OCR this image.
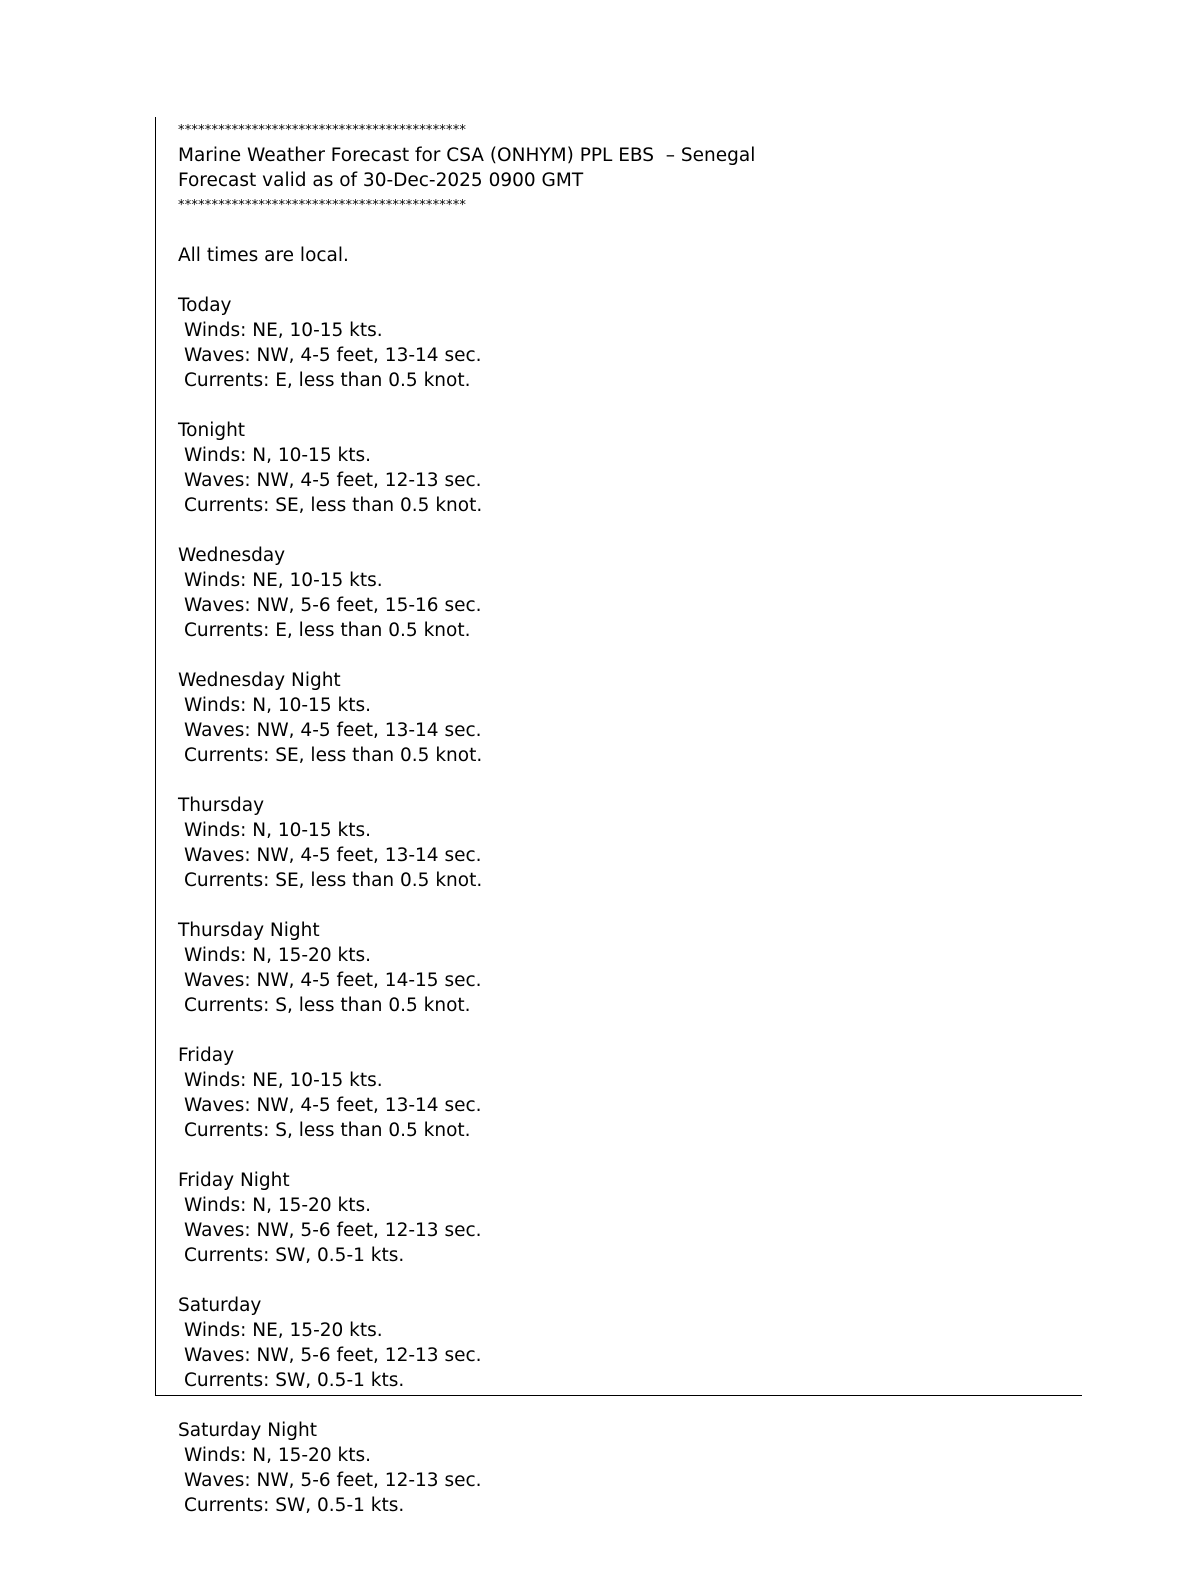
*******************************************
Marine Weather Forecast for CSA (ONHYM) PPL EBS  – Senegal
Forecast valid as of 30-Dec-2025 0900 GMT
*******************************************
All times are local.
Today
Winds: NE, 10-15 kts.
Waves: NW, 4-5 feet, 13-14 sec.
Currents: E, less than 0.5 knot.
Tonight
Winds: N, 10-15 kts.
Waves: NW, 4-5 feet, 12-13 sec.
Currents: SE, less than 0.5 knot.
Wednesday
Winds: NE, 10-15 kts.
Waves: NW, 5-6 feet, 15-16 sec.
Currents: E, less than 0.5 knot.
Wednesday Night
Winds: N, 10-15 kts.
Waves: NW, 4-5 feet, 13-14 sec.
Currents: SE, less than 0.5 knot.
Thursday
Winds: N, 10-15 kts.
Waves: NW, 4-5 feet, 13-14 sec.
Currents: SE, less than 0.5 knot.
Thursday Night
Winds: N, 15-20 kts.
Waves: NW, 4-5 feet, 14-15 sec.
Currents: S, less than 0.5 knot.
Friday
Winds: NE, 10-15 kts.
Waves: NW, 4-5 feet, 13-14 sec.
Currents: S, less than 0.5 knot.
Friday Night
Winds: N, 15-20 kts.
Waves: NW, 5-6 feet, 12-13 sec.
Currents: SW, 0.5-1 kts.
Saturday
Winds: NE, 15-20 kts.
Waves: NW, 5-6 feet, 12-13 sec.
Currents: SW, 0.5-1 kts.
Saturday Night
Winds: N, 15-20 kts.
Waves: NW, 5-6 feet, 12-13 sec.
Currents: SW, 0.5-1 kts.
